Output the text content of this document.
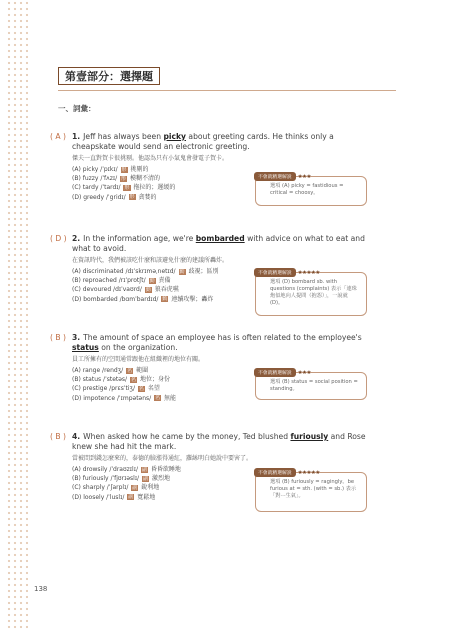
第壹部分：選擇題
一、詞彙：
( A ) 1. Jeff has always been picky about greeting cards. He thinks only a cheapskate would send an electronic greeting.
傑夫一直對賀卡很挑剔。他認為只有小氣鬼會發電子賀卡。
(A) picky /ˈpɪkɪ/ 形 挑剔的
(B) fuzzy /ˈfʌzɪ/ 形 模糊不清的
(C) tardy /ˈtardɪ/ 形 拖拉的；遲緩的
(D) greedy /ˈgridɪ/ 形 貪婪的
不會就精選解說	★★★
選項 (A) picky = fastidious = critical = choosy。
( D ) 2. In the information age, we're bombarded with advice on what to eat and what to avoid.
在資訊時代，我們被該吃什麼和該避免什麼的建議所轟炸。
(A) discriminated /dɪˈskrɪməˌnetɪd/ 動 歧視；區別
(B) reproached /rɪˈprotʃt/ 動 責備
(C) devoured /dɪˈvaʊrd/ 動 狼吞虎嚥
(D) bombarded /bɑmˈbardɪd/ 動 連續攻擊；轟炸
不會就精選解說	★★★★★
選項 (D) bombard sb. with questions (complaints) 表示「連珠炮似地向人提問（抱怨）」，一說就(D)。
( B ) 3. The amount of space an employee has is often related to the employee's status on the organization.
員工所擁有的空間通常跟他在組織裡的地位有關。
(A) range /rendʒ/ 名 範圍
(B) status /ˈstetəs/ 名 地位；身份
(C) prestige /prɛsˈtiʒ/ 名 名望
(D) impotence /ˈɪmpətəns/ 名 無能
不會就精選解說	★★★
選項 (B) status = social position = standing。
( B ) 4. When asked how he came by the money, Ted blushed furiously and Rose knew she had hit the mark.
當被問到錢怎麼來的，泰德的臉漲得通紅，蘿絲明白她說中要害了。
(A) drowsily /ˈdraʊzɪlɪ/ 副 昏昏欲睡地
(B) furiously /ˈfjʊrɪəslɪ/ 副 激烈地
(C) sharply /ˈʃarplɪ/ 副 銳利地
(D) loosely /ˈluslɪ/ 副 寬鬆地
不會就精選解說	★★★★★
選項 (B) furiously = ragingly。be furious at = sth. (with = sb.) 表示「對⋯生氣」。
138
